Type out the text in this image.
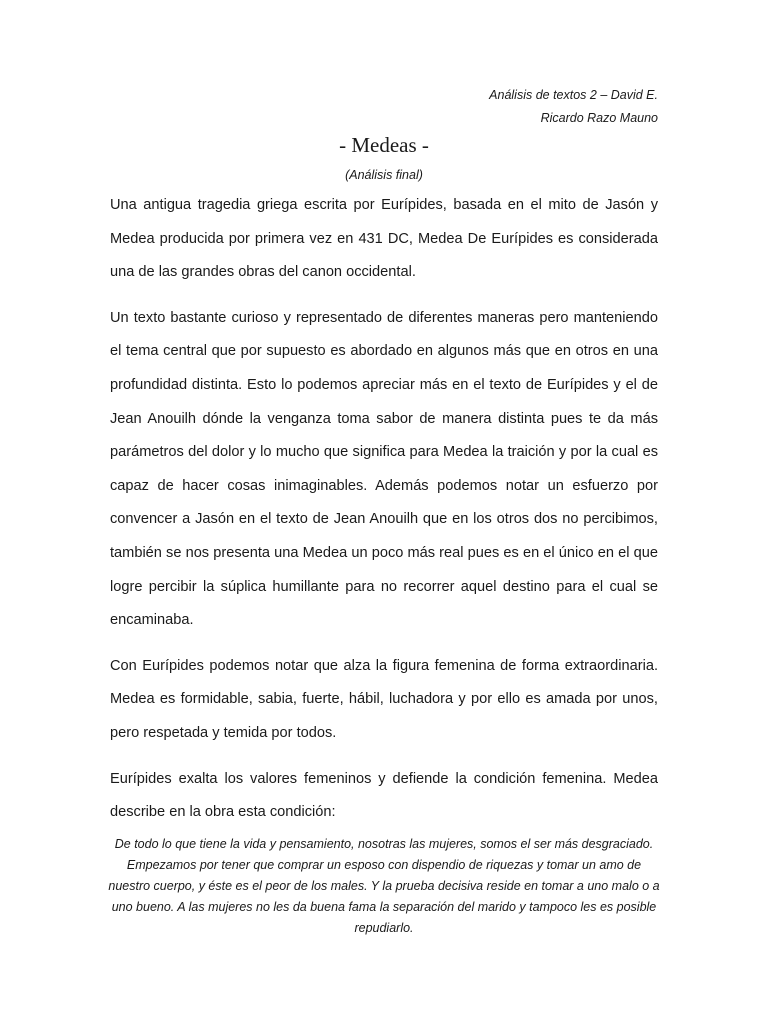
Análisis de textos 2 – David E.
Ricardo Razo Mauno
- Medeas -
(Análisis final)

Una antigua tragedia griega escrita por Eurípides, basada en el mito de Jasón y Medea producida por primera vez en 431 DC, Medea De Eurípides es considerada una de las grandes obras del canon occidental.

Un texto bastante curioso y representado de diferentes maneras pero manteniendo el tema central que por supuesto es abordado en algunos más que en otros en una profundidad distinta. Esto lo podemos apreciar más en el texto de Eurípides y el de Jean Anouilh dónde la venganza toma sabor de manera distinta pues te da más parámetros del dolor y lo mucho que significa para Medea la traición y por la cual es capaz de hacer cosas inimaginables. Además podemos notar un esfuerzo por convencer a Jasón en el texto de Jean Anouilh que en los otros dos no percibimos, también se nos presenta una Medea un poco más real pues es en el único en el que logre percibir la súplica humillante para no recorrer aquel destino para el cual se encaminaba.

Con Eurípides podemos notar que alza la figura femenina de forma extraordinaria. Medea es formidable, sabia, fuerte, hábil, luchadora y por ello es amada por unos, pero respetada y temida por todos.

Eurípides exalta los valores femeninos y defiende la condición femenina. Medea describe en la obra esta condición:

De todo lo que tiene la vida y pensamiento, nosotras las mujeres, somos el ser más desgraciado. Empezamos por tener que comprar un esposo con dispendio de riquezas y tomar un amo de nuestro cuerpo, y éste es el peor de los males. Y la prueba decisiva reside en tomar a uno malo o a uno bueno. A las mujeres no les da buena fama la separación del marido y tampoco les es posible repudiarlo.
